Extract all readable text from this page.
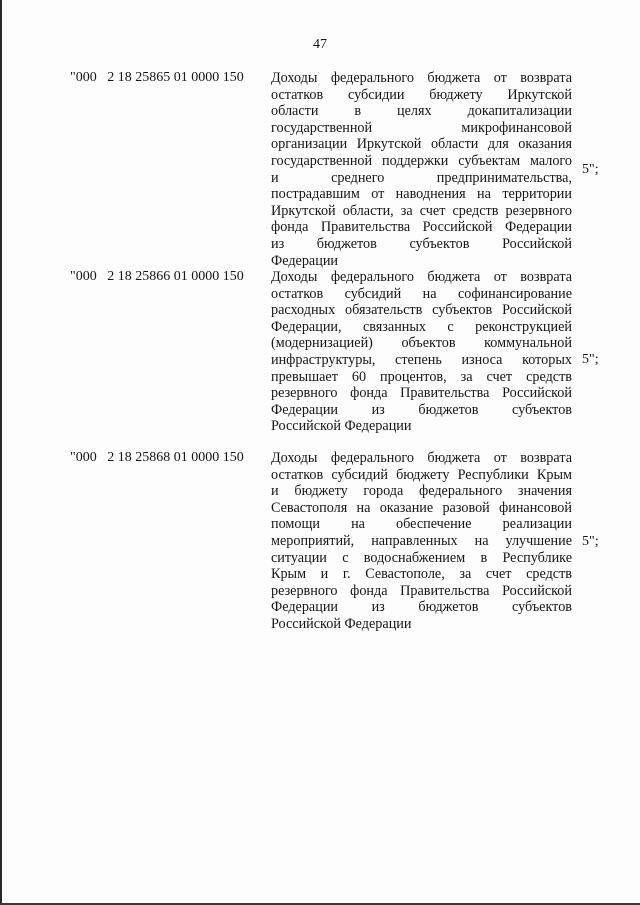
47
"000   2 18 25865 01 0000 150 Доходы федерального бюджета от возврата
остатков субсидии бюджету Иркутской
области в целях докапитализации
государственной микрофинансовой
организации Иркутской области для оказания
государственной поддержки субъектам малого
и среднего предпринимательства,
пострадавшим от наводнения на территории
Иркутской области, за счет средств резервного
фонда Правительства Российской Федерации
из бюджетов субъектов Российской
Федерации
5";
"000   2 18 25866 01 0000 150 Доходы федерального бюджета от возврата
остатков субсидий на софинансирование
расходных обязательств субъектов Российской
Федерации, связанных с реконструкцией
(модернизацией) объектов коммунальной
инфраструктуры, степень износа которых
превышает 60 процентов, за счет средств
резервного фонда Правительства Российской
Федерации из бюджетов субъектов
Российской Федерации
5";
"000   2 18 25868 01 0000 150 Доходы федерального бюджета от возврата
остатков субсидий бюджету Республики Крым
и бюджету города федерального значения
Севастополя на оказание разовой финансовой
помощи на обеспечение реализации
мероприятий, направленных на улучшение
ситуации с водоснабжением в Республике
Крым и г. Севастополе, за счет средств
резервного фонда Правительства Российской
Федерации из бюджетов субъектов
Российской Федерации
5";
